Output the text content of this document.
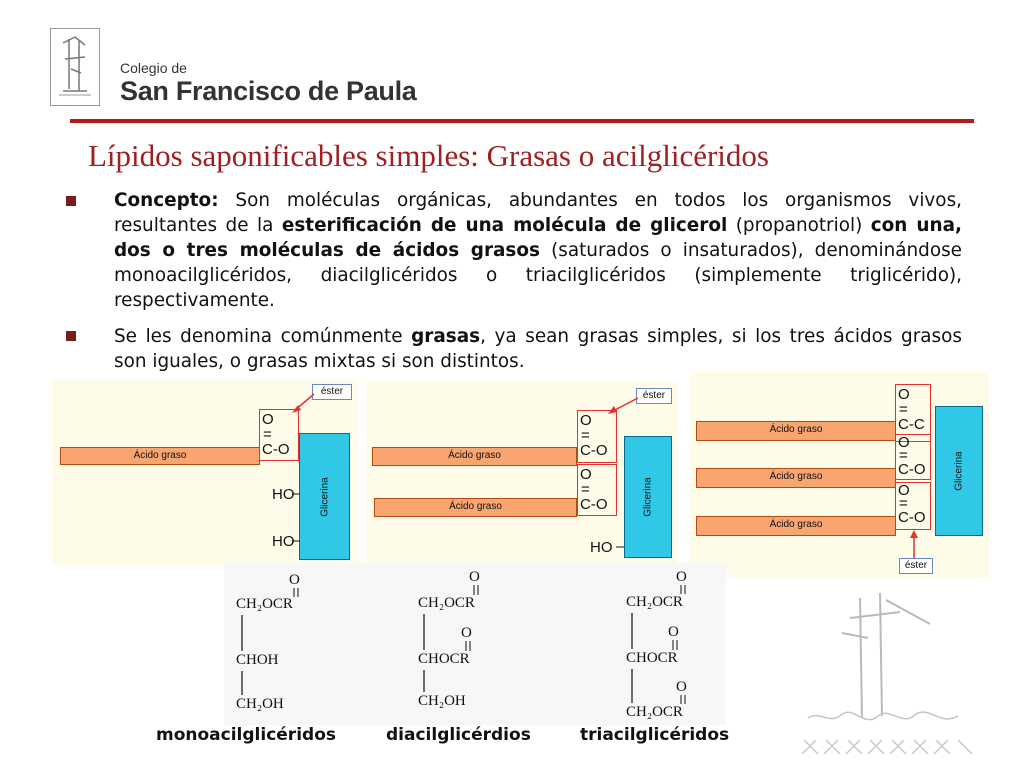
Colegio de
San Francisco de Paula
Lípidos saponificables simples: Grasas o acilglicéridos
Concepto: Son moléculas orgánicas, abundantes en todos los organismos vivos, resultantes de la esterificación de una molécula de glicerol (propanotriol) con una, dos o tres moléculas de ácidos grasos (saturados o insaturados), denominándose monoacilglicéridos, diacilglicéridos o triacilglicéridos (simplemente triglicérido), respectivamente.
Se les denomina comúnmente grasas, ya sean grasas simples, si los tres ácidos grasos son iguales, o grasas mixtas si son distintos.
éster
O
=
C-O
Ácido graso
Glicerina
HO
HO
éster
O
=
C-O
O
=
C-O
Ácido graso
Ácido graso	Glicerina
HO
O
=
C-C
O
=
C-O
O
=
C-O
Ácido graso
Ácido graso
Ácido graso
Glicerina
éster
O
CH₂OCR
CHOH
CH₂OH
O
CH₂OCR
O
CHOCR
CH₂OH
O
CH₂OCR
O
CHOCR
O
CH₂OCR
monoacilglicéridos	diacilglicérdios	triacilglicéridos
